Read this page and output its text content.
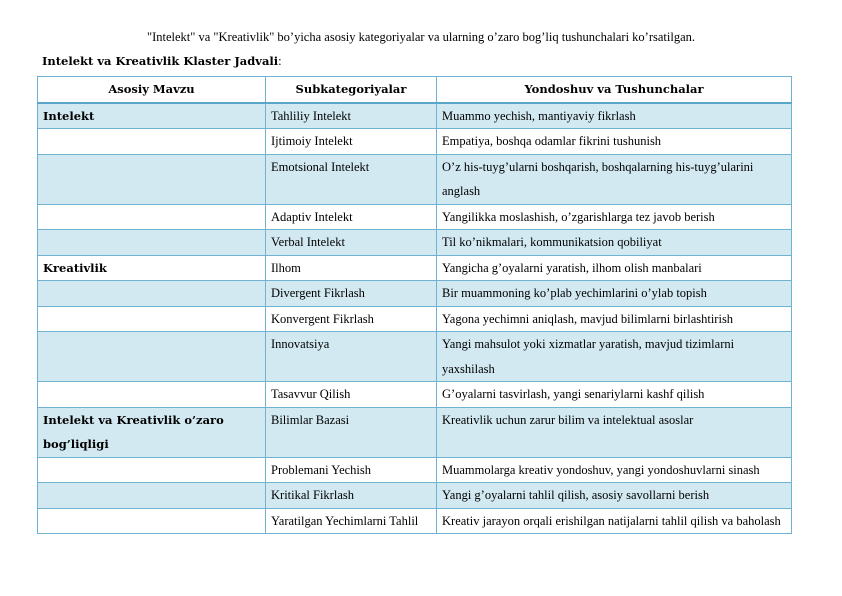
"Intelekt" va "Kreativlik" bo’yicha asosiy kategoriyalar va ularning o’zaro bog’liq tushunchalari ko’rsatilgan.
Intelekt va Kreativlik Klaster Jadvali:
Asosiy Mavzu	Subkategoriyalar	Yondoshuv va Tushunchalar
Intelekt	Tahliliy Intelekt	Muammo yechish, mantiyaviy fikrlash
	Ijtimoiy Intelekt	Empatiya, boshqa odamlar fikrini tushunish
	Emotsional Intelekt	O’z his-tuyg’ularni boshqarish, boshqalarning his-tuyg’ularini anglash
	Adaptiv Intelekt	Yangilikka moslashish, o’zgarishlarga tez javob berish
	Verbal Intelekt	Til ko’nikmalari, kommunikatsion qobiliyat
Kreativlik	Ilhom	Yangicha g’oyalarni yaratish, ilhom olish manbalari
	Divergent Fikrlash	Bir muammoning ko’plab yechimlarini o’ylab topish
	Konvergent Fikrlash	Yagona yechimni aniqlash, mavjud bilimlarni birlashtirish
	Innovatsiya	Yangi mahsulot yoki xizmatlar yaratish, mavjud tizimlarni yaxshilash
	Tasavvur Qilish	G’oyalarni tasvirlash, yangi senariylarni kashf qilish
Intelekt va Kreativlik o’zaro bog’liqligi	Bilimlar Bazasi	Kreativlik uchun zarur bilim va intelektual asoslar
	Problemani Yechish	Muammolarga kreativ yondoshuv, yangi yondoshuvlarni sinash
	Kritikal Fikrlash	Yangi g’oyalarni tahlil qilish, asosiy savollarni berish
	Yaratilgan Yechimlarni Tahlil	Kreativ jarayon orqali erishilgan natijalarni tahlil qilish va baholash
